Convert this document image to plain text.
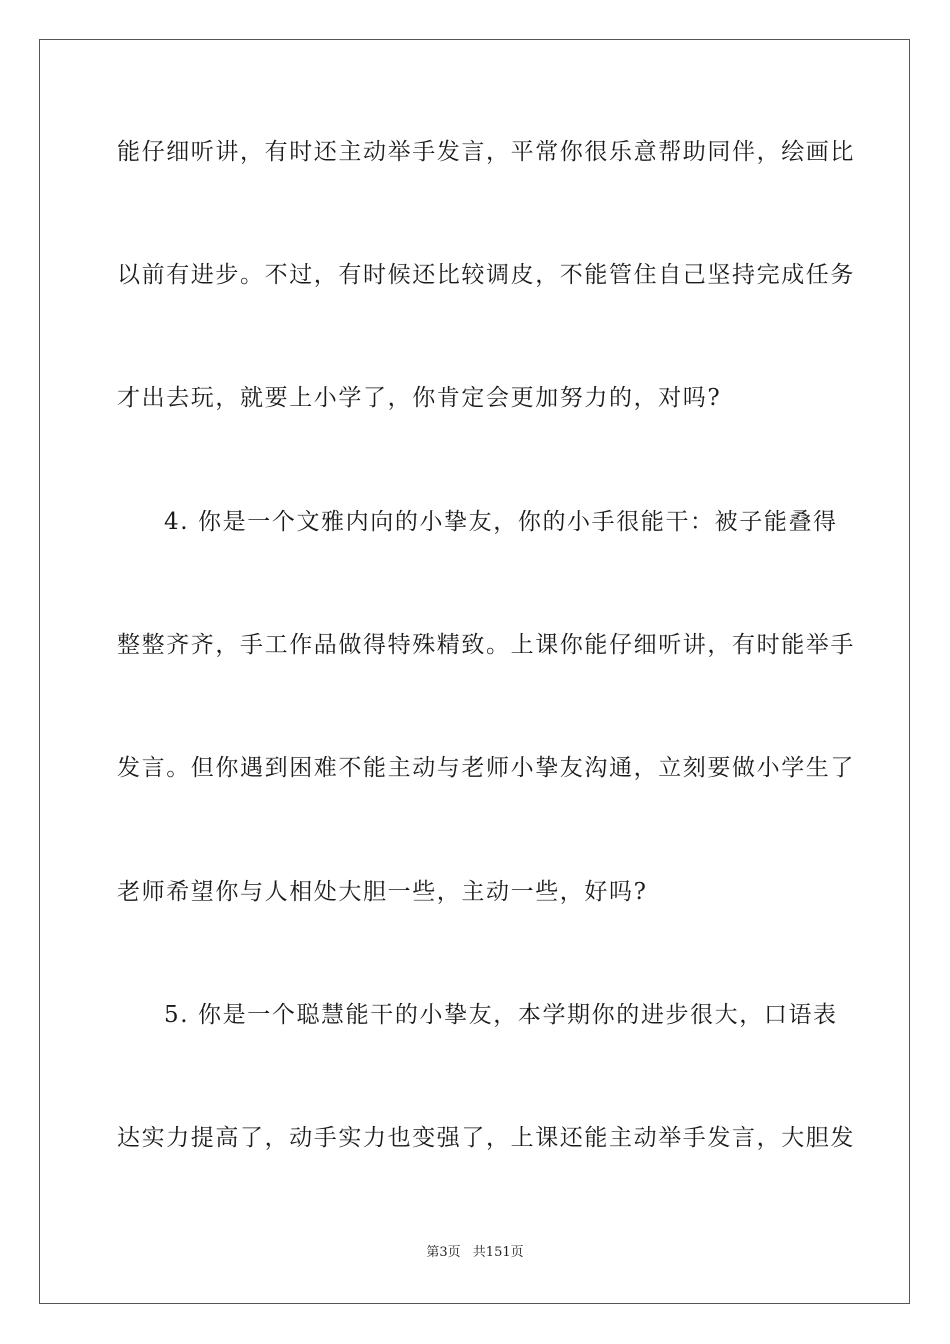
能仔细听讲，有时还主动举手发言，平常你很乐意帮助同伴，绘画比
以前有进步。不过，有时候还比较调皮，不能管住自己坚持完成任务
才出去玩，就要上小学了，你肯定会更加努力的，对吗?
4. 你是一个文雅内向的小挚友，你的小手很能干：被子能叠得
整整齐齐，手工作品做得特殊精致。上课你能仔细听讲，有时能举手
发言。但你遇到困难不能主动与老师小挚友沟通，立刻要做小学生了
老师希望你与人相处大胆一些，主动一些，好吗?
5. 你是一个聪慧能干的小挚友，本学期你的进步很大，口语表
达实力提高了，动手实力也变强了，上课还能主动举手发言，大胆发
第3页 共151页
